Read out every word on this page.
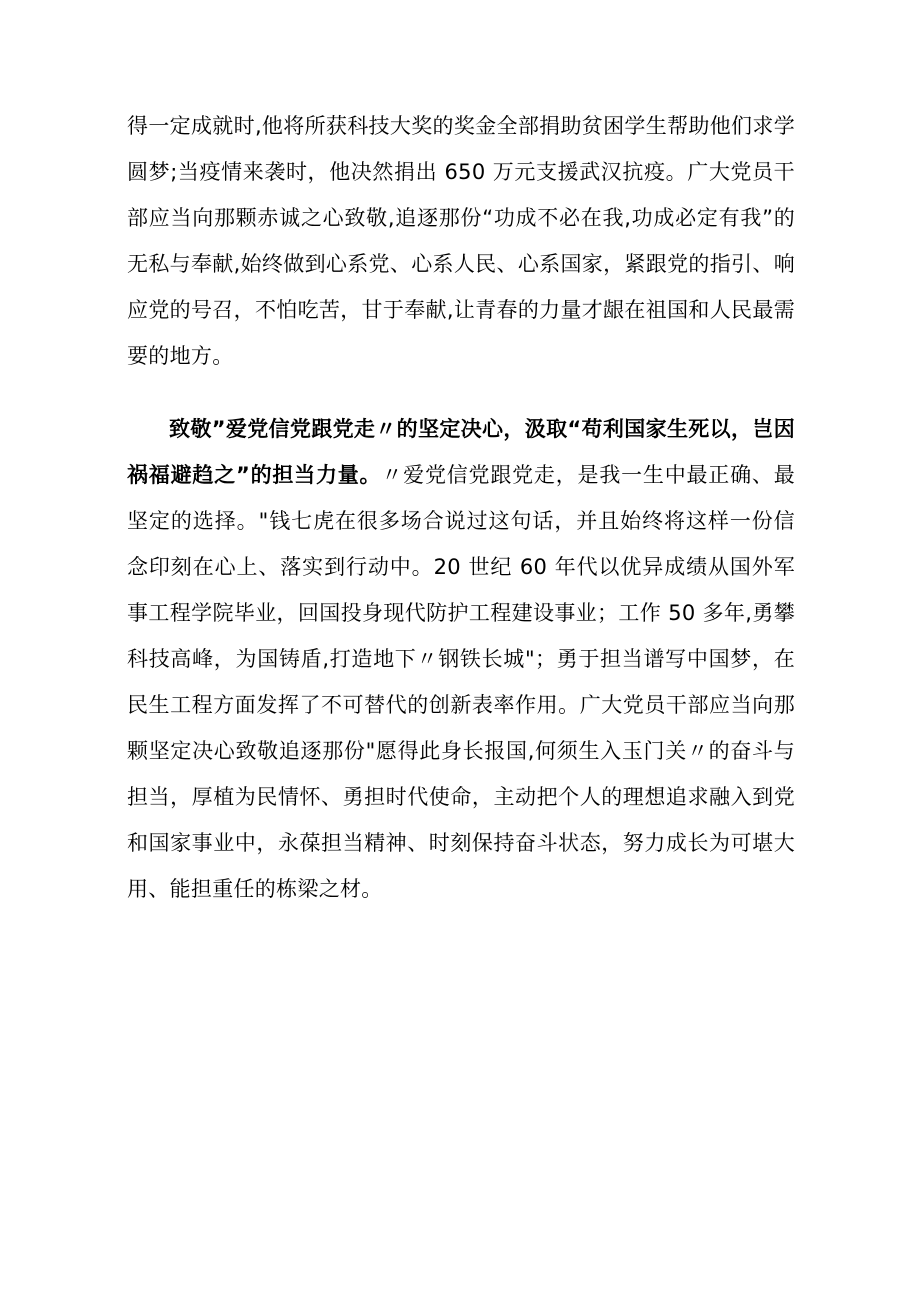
得一定成就时,他将所获科技大奖的奖金全部捐助贫困学生帮助他们求学圆梦;当疫情来袭时，他决然捐出 650 万元支援武汉抗疫。广大党员干部应当向那颗赤诚之心致敬,追逐那份“功成不必在我,功成必定有我”的无私与奉献,始终做到心系党、心系人民、心系国家，紧跟党的指引、响应党的号召，不怕吃苦，甘于奉献,让青春的力量才龈在祖国和人民最需要的地方。

致敬”爱党信党跟党走〃的坚定决心，汲取“苟利国家生死以，岂因祸福避趋之”的担当力量。〃爱党信党跟党走，是我一生中最正确、最坚定的选择。"钱七虎在很多场合说过这句话，并且始终将这样一份信念印刻在心上、落实到行动中。20 世纪 60 年代以优异成绩从国外军事工程学院毕业，回国投身现代防护工程建设事业；工作 50 多年,勇攀科技高峰，为国铸盾,打造地下〃钢铁长城"；勇于担当谱写中国梦，在民生工程方面发挥了不可替代的创新表率作用。广大党员干部应当向那颗坚定决心致敬追逐那份"愿得此身长报国,何须生入玉门关〃的奋斗与担当，厚植为民情怀、勇担时代使命，主动把个人的理想追求融入到党和国家事业中，永葆担当精神、时刻保持奋斗状态，努力成长为可堪大用、能担重任的栋梁之材。
